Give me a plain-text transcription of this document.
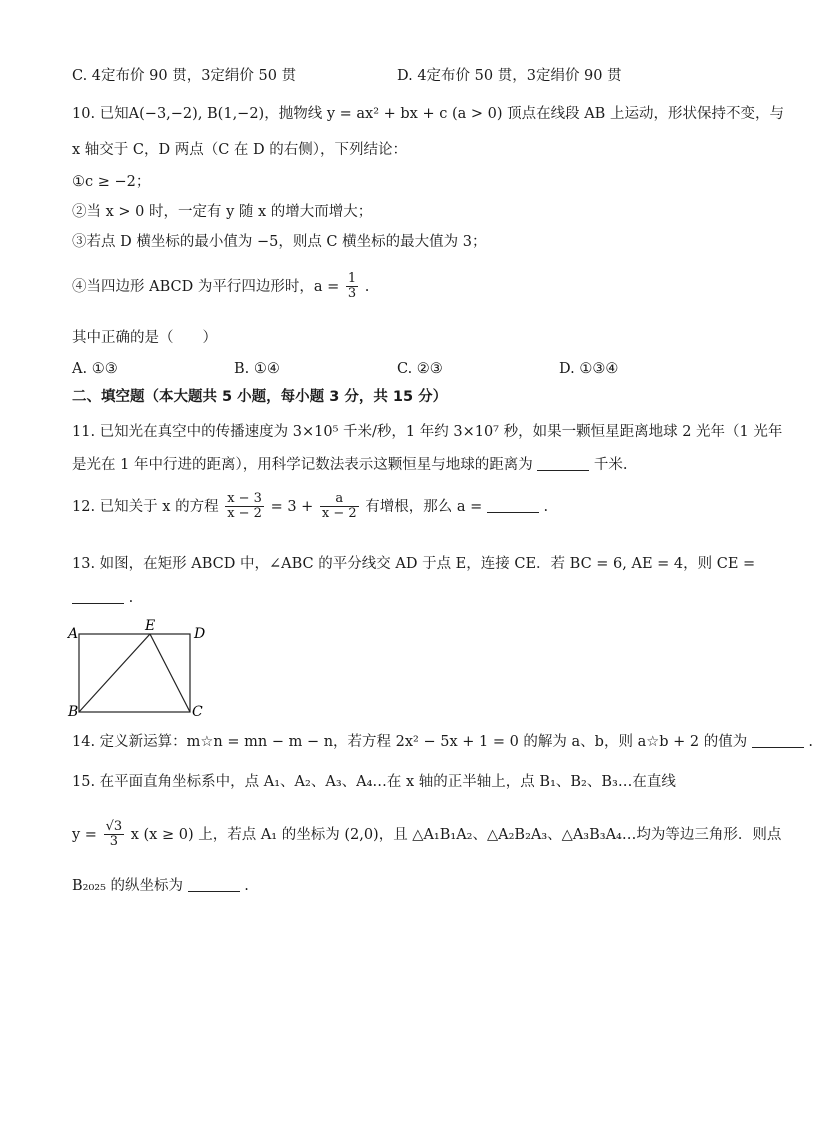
C. 4定布价 90 贯，3定绢价 50 贯	D. 4定布价 50 贯，3定绢价 90 贯
10. 已知A(−3,−2), B(1,−2)，抛物线 y = ax² + bx + c (a > 0) 顶点在线段 AB 上运动，形状保持不变，与
x 轴交于 C，D 两点（C 在 D 的右侧），下列结论：
①c ≥ −2；
②当 x > 0 时，一定有 y 随 x 的增大而增大；
③若点 D 横坐标的最小值为 −5，则点 C 横坐标的最大值为 3；
④当四边形 ABCD 为平行四边形时，$a = \frac{1}{3}$ .
其中正确的是（　　）
A. ①③	B. ①④	C. ②③	D. ①③④
二、填空题（本大题共 5 小题，每小题 3 分，共 15 分）
11. 已知光在真空中的传播速度为 3×10⁵ 千米/秒，1 年约 3×10⁷ 秒，如果一颗恒星距离地球 2 光年（1 光年
是光在 1 年中行进的距离），用科学记数法表示这颗恒星与地球的距离为	千米.
12. 已知关于 x 的方程 $\frac{x - 3}{x - 2} = 3 + \frac{a}{x - 2}$ 有增根，那么 a =	.
13. 如图，在矩形 ABCD 中，∠ABC 的平分线交 AD 于点 E，连接 CE．若 BC = 6, AE = 4，则 CE =
.
A	E	D
B	C
14. 定义新运算：m☆n = mn − m − n，若方程 2x² − 5x + 1 = 0 的解为 a、b，则 a☆b + 2 的值为	.
15. 在平面直角坐标系中，点 A₁、A₂、A₃、A₄…在 x 轴的正半轴上，点 B₁、B₂、B₃…在直线
$y = \frac{√3}{3}$ x (x ≥ 0) 上，若点 A₁ 的坐标为 (2,0)，且 △A₁B₁A₂、△A₂B₂A₃、△A₃B₃A₄…均为等边三角形．则点
B₂₀₂₅ 的纵坐标为	.
